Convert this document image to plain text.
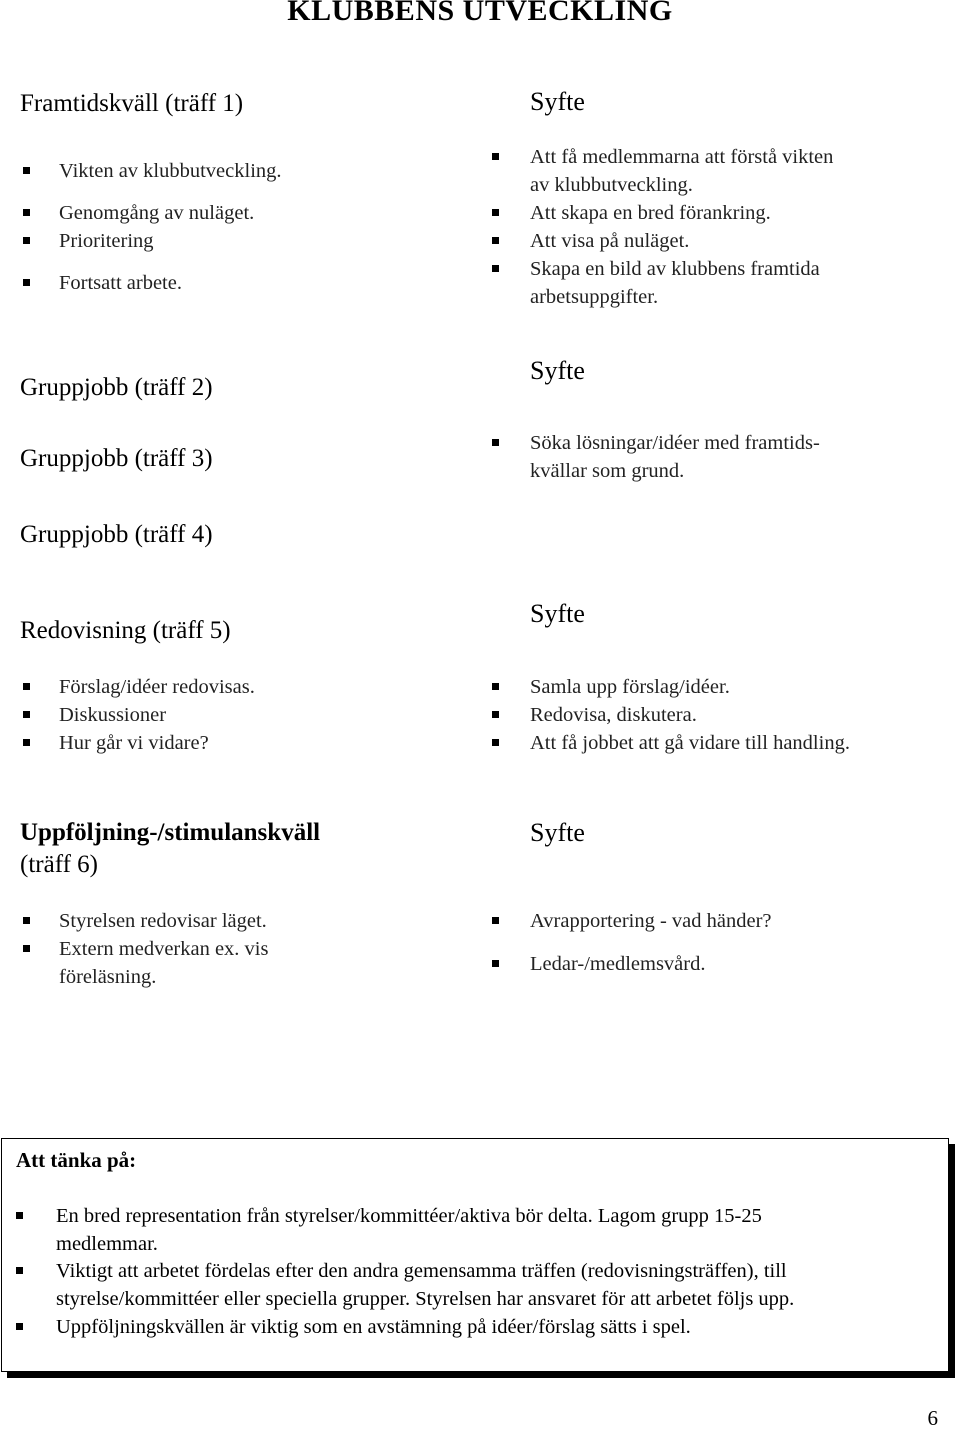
KLUBBENS UTVECKLING
Framtidskväll (träff 1)
Vikten av klubbutveckling.
Genomgång av nuläget.
Prioritering
Fortsatt arbete.
Syfte
Att få medlemmarna att förstå vikten
av klubbutveckling.
Att skapa en bred förankring.
Att visa på nuläget.
Skapa en bild av klubbens framtida
arbetsuppgifter.
Gruppjobb (träff 2)
Gruppjobb (träff 3)
Gruppjobb (träff 4)
Syfte
Söka lösningar/idéer med framtids-
kvällar som grund.
Redovisning (träff 5)
Syfte
Förslag/idéer redovisas.
Diskussioner
Hur går vi vidare?
Samla upp förslag/idéer.
Redovisa, diskutera.
Att få jobbet att gå vidare till handling.
Uppföljning-/stimulanskväll
(träff 6)
Syfte
Styrelsen redovisar läget.
Extern medverkan ex. vis
föreläsning.
Avrapportering - vad händer?
Ledar-/medlemsvård.
Att tänka på:
En bred representation från styrelser/kommittéer/aktiva bör delta. Lagom grupp 15-25
medlemmar.
Viktigt att arbetet fördelas efter den andra gemensamma träffen (redovisningsträffen), till
styrelse/kommittéer eller speciella grupper. Styrelsen har ansvaret för att arbetet följs upp.
Uppföljningskvällen är viktig som en avstämning på idéer/förslag sätts i spel.
6
